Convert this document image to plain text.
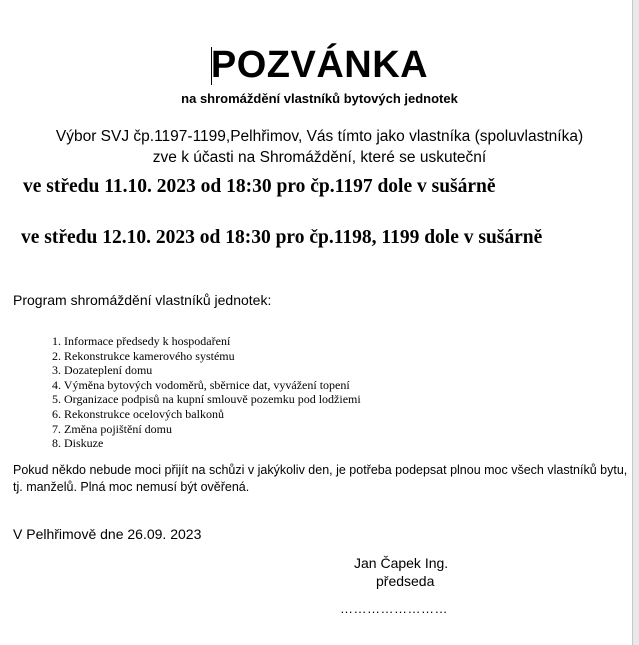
POZVÁNKA
na shromáždění vlastníků bytových jednotek
Výbor SVJ čp.1197-1199,Pelhřimov, Vás tímto jako vlastníka (spoluvlastníka)
zve k účasti na Shromáždění, které se uskuteční
ve středu 11.10. 2023 od 18:30 pro čp.1197 dole v sušárně
ve středu 12.10. 2023 od 18:30 pro čp.1198, 1199 dole v sušárně
Program shromáždění vlastníků jednotek:
1. Informace předsedy k hospodaření
2. Rekonstrukce kamerového systému
3. Dozateplení domu
4. Výměna bytových vodoměrů, sběrnice dat, vyvážení topení
5. Organizace podpisů na kupní smlouvě pozemku pod lodžiemi
6. Rekonstrukce ocelových balkonů
7. Změna pojištění domu
8. Diskuze
Pokud někdo nebude moci přijít na schůzi v jakýkoliv den, je potřeba podepsat plnou moc všech vlastníků bytu, tj. manželů. Plná moc nemusí být ověřená.
V Pelhřimově dne 26.09. 2023
Jan Čapek Ing.
předseda
……………………
